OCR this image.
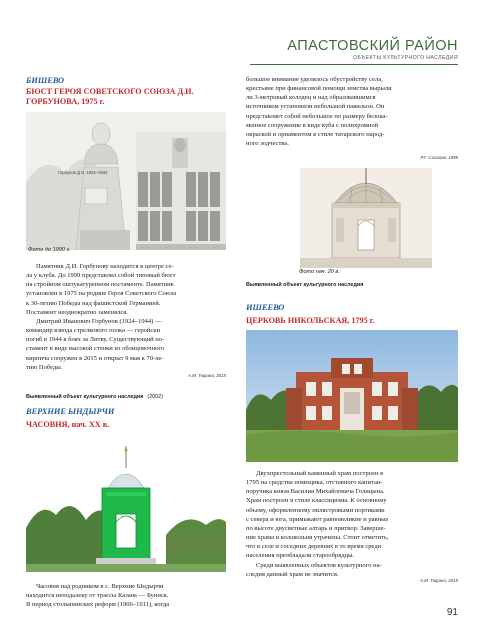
АПАСТОВСКИЙ РАЙОН
ОБЪЕКТЫ КУЛЬТУРНОГО НАСЛЕДИЯ
БИШЕВО
БЮСТ ГЕРОЯ СОВЕТСКОГО СОЮЗА Д.И. ГОРБУНОВА, 1975 г.
Горбунов Д.И. 1924–1944
Фото до 1990 г.
Памятник Д.И. Горбунову находится в центре се-
ла у клуба. До 1999 представлял собой типовый бюст
на стройном оштукатуренном постаменте. Памятник
установлен в 1975 на родине Героя Советского Союза
к 30-летию Победы над фашистской Германией.
Постамент неоднократно заменялся.
Дмитрий Иванович Горбунов (1924–1944) —
командир взвода стрелкового полка — геройски
погиб в 1944 в боях за Литву. Существующий по-
стамент в виде высокой стенки из облицовочного
кирпича сооружен в 2015 и открыт 9 мая к 70-ле-
тию Победы.
А.М. Тюрина, 2015
Выявленный объект культурного наследия (2002)
ВЕРХНИЕ ЫНДЫРЧИ
ЧАСОВНЯ, нач. XX в.
Часовня над родником в с. Верхние Ындырчи
находится неподалеку от трассы Казань — Буинск.
В период столыпинских реформ (1906–1911), когда
большое внимание уделялось обустройству села,
крестьяне при финансовой помощи земства вырыли
ли 3-метровый колодец и над образовавшимся
источником установили небольшой павильон. Он
представляет собой небольшое по размеру белока-
менное сооружение в виде куба с полихромной
окраской и орнаментом в стиле татарского народ-
ного зодчества.
Р.Г. Салихов, 1999
Фото нач. 20 в.
Выявленный объект культурного наследия
ИШЕЕВО
ЦЕРКОВЬ НИКОЛЬСКАЯ, 1795 г.
Двухпрестольный каменный храм построен в
1795 на средства помещика, отставного капитан-
поручика князя Василия Михайловича Голицына.
Храм построен в стиле классицизма. К основному
объему, оформленному пилястровыми портиками
с севера и юга, примыкают равновеликие и равные
по высоте двусветные алтарь и притвор. Заверше-
ние храма и колокольня утрачены. Стоит отметить,
что в селе и соседних деревнях в то время среди
населения преобладали старообрядцы.
Среди выявленных объектов культурного на-
следия данный храм не значится.
А.М. Тюрина, 2015
91
